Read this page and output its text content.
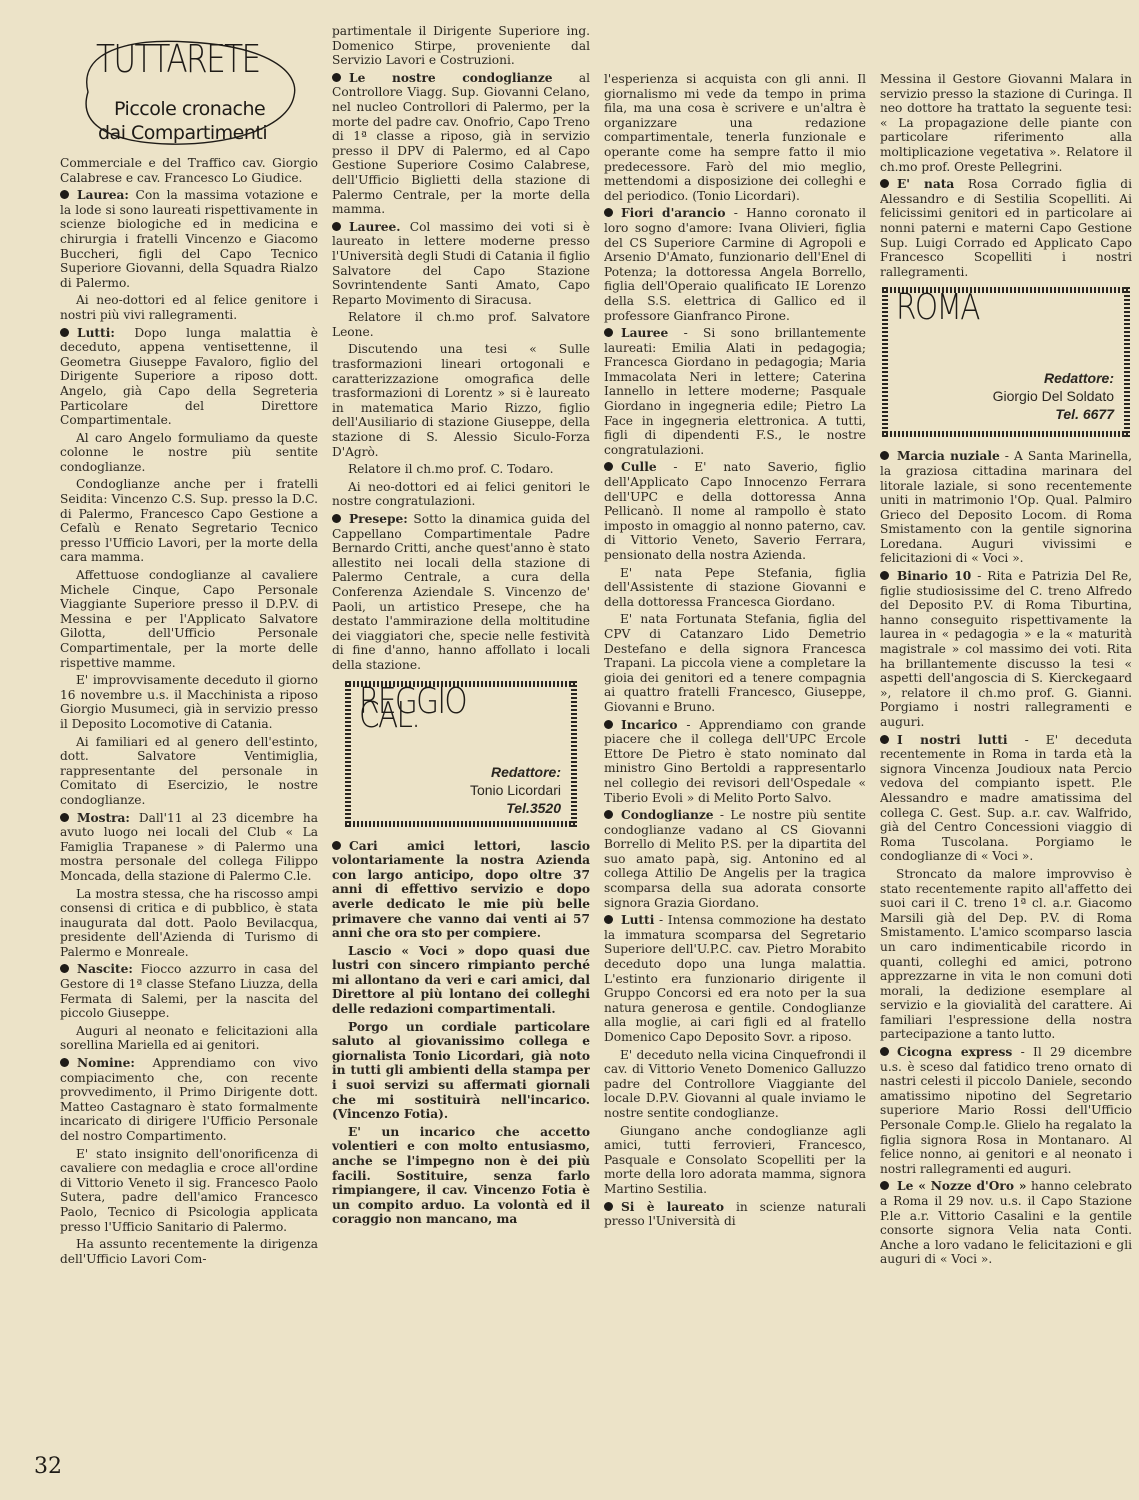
TUTTARETE
Piccole cronache
dai Compartimenti

Commerciale e del Traffico cav. Giorgio Calabrese e cav. Francesco Lo Giudice.

Laurea: Con la massima votazione e la lode si sono laureati rispettivamente in scienze biologiche ed in medicina e chirurgia i fratelli Vincenzo e Giacomo Buccheri, figli del Capo Tecnico Superiore Giovanni, della Squadra Rialzo di Palermo.

Ai neo-dottori ed al felice genitore i nostri più vivi rallegramenti.

Lutti: Dopo lunga malattia è deceduto, appena ventisettenne, il Geometra Giuseppe Favaloro, figlio del Dirigente Superiore a riposo dott. Angelo, già Capo della Segreteria Particolare del Direttore Compartimentale.

Al caro Angelo formuliamo da queste colonne le nostre più sentite condoglianze.

Condoglianze anche per i fratelli Seidita: Vincenzo C.S. Sup. presso la D.C. di Palermo, Francesco Capo Gestione a Cefalù e Renato Segretario Tecnico presso l'Ufficio Lavori, per la morte della cara mamma.

Affettuose condoglianze al cavaliere Michele Cinque, Capo Personale Viaggiante Superiore presso il D.P.V. di Messina e per l'Applicato Salvatore Gilotta, dell'Ufficio Personale Compartimentale, per la morte delle rispettive mamme.

E' improvvisamente deceduto il giorno 16 novembre u.s. il Macchinista a riposo Giorgio Musumeci, già in servizio presso il Deposito Locomotive di Catania.

Ai familiari ed al genero dell'estinto, dott. Salvatore Ventimiglia, rappresentante del personale in Comitato di Esercizio, le nostre condoglianze.

Mostra: Dall'11 al 23 dicembre ha avuto luogo nei locali del Club « La Famiglia Trapanese » di Palermo una mostra personale del collega Filippo Moncada, della stazione di Palermo C.le.

La mostra stessa, che ha riscosso ampi consensi di critica e di pubblico, è stata inaugurata dal dott. Paolo Bevilacqua, presidente dell'Azienda di Turismo di Palermo e Monreale.

Nascite: Fiocco azzurro in casa del Gestore di 1ª classe Stefano Liuzza, della Fermata di Salemi, per la nascita del piccolo Giuseppe.

Auguri al neonato e felicitazioni alla sorellina Mariella ed ai genitori.

Nomine: Apprendiamo con vivo compiacimento che, con recente provvedimento, il Primo Dirigente dott. Matteo Castagnaro è stato formalmente incaricato di dirigere l'Ufficio Personale del nostro Compartimento.

E' stato insignito dell'onorificenza di cavaliere con medaglia e croce all'ordine di Vittorio Veneto il sig. Francesco Paolo Sutera, padre dell'amico Francesco Paolo, Tecnico di Psicologia applicata presso l'Ufficio Sanitario di Palermo.

Ha assunto recentemente la dirigenza dell'Ufficio Lavori Com-

partimentale il Dirigente Superiore ing. Domenico Stirpe, proveniente dal Servizio Lavori e Costruzioni.

Le nostre condoglianze al Controllore Viagg. Sup. Giovanni Celano, nel nucleo Controllori di Palermo, per la morte del padre cav. Onofrio, Capo Treno di 1ª classe a riposo, già in servizio presso il DPV di Palermo, ed al Capo Gestione Superiore Cosimo Calabrese, dell'Ufficio Biglietti della stazione di Palermo Centrale, per la morte della mamma.

Lauree. Col massimo dei voti si è laureato in lettere moderne presso l'Università degli Studi di Catania il figlio Salvatore del Capo Stazione Sovrintendente Santi Amato, Capo Reparto Movimento di Siracusa.

Relatore il ch.mo prof. Salvatore Leone.

Discutendo una tesi « Sulle trasformazioni lineari ortogonali e caratterizzazione omografica delle trasformazioni di Lorentz » si è laureato in matematica Mario Rizzo, figlio dell'Ausiliario di stazione Giuseppe, della stazione di S. Alessio Siculo-Forza D'Agrò.

Relatore il ch.mo prof. C. Todaro.

Ai neo-dottori ed ai felici genitori le nostre congratulazioni.

Presepe: Sotto la dinamica guida del Cappellano Compartimentale Padre Bernardo Critti, anche quest'anno è stato allestito nei locali della stazione di Palermo Centrale, a cura della Conferenza Aziendale S. Vincenzo de' Paoli, un artistico Presepe, che ha destato l'ammirazione della moltitudine dei viaggiatori che, specie nelle festività di fine d'anno, hanno affollato i locali della stazione.

REGGIO CAL.
Redattore:
Tonio Licordari
Tel.3520

Cari amici lettori, lascio volontariamente la nostra Azienda con largo anticipo, dopo oltre 37 anni di effettivo servizio e dopo averle dedicato le mie più belle primavere che vanno dai venti ai 57 anni che ora sto per compiere.

Lascio « Voci » dopo quasi due lustri con sincero rimpianto perché mi allontano da veri e cari amici, dal Direttore al più lontano dei colleghi delle redazioni compartimentali.

Porgo un cordiale particolare saluto al giovanissimo collega e giornalista Tonio Licordari, già noto in tutti gli ambienti della stampa per i suoi servizi su affermati giornali che mi sostituirà nell'incarico. (Vincenzo Fotia).

E' un incarico che accetto volentieri e con molto entusiasmo, anche se l'impegno non è dei più facili. Sostituire, senza farlo rimpiangere, il cav. Vincenzo Fotia è un compito arduo. La volontà ed il coraggio non mancano, ma

l'esperienza si acquista con gli anni. Il giornalismo mi vede da tempo in prima fila, ma una cosa è scrivere e un'altra è organizzare una redazione compartimentale, tenerla funzionale e operante come ha sempre fatto il mio predecessore. Farò del mio meglio, mettendomi a disposizione dei colleghi e del periodico. (Tonio Licordari).

Fiori d'arancio - Hanno coronato il loro sogno d'amore: Ivana Olivieri, figlia del CS Superiore Carmine di Agropoli e Arsenio D'Amato, funzionario dell'Enel di Potenza; la dottoressa Angela Borrello, figlia dell'Operaio qualificato IE Lorenzo della S.S. elettrica di Gallico ed il professore Gianfranco Pirone.

Lauree - Si sono brillantemente laureati: Emilia Alati in pedagogia; Francesca Giordano in pedagogia; Maria Immacolata Neri in lettere; Caterina Iannello in lettere moderne; Pasquale Giordano in ingegneria edile; Pietro La Face in ingegneria elettronica. A tutti, figli di dipendenti F.S., le nostre congratulazioni.

Culle - E' nato Saverio, figlio dell'Applicato Capo Innocenzo Ferrara dell'UPC e della dottoressa Anna Pellicanò. Il nome al rampollo è stato imposto in omaggio al nonno paterno, cav. di Vittorio Veneto, Saverio Ferrara, pensionato della nostra Azienda.

E' nata Pepe Stefania, figlia dell'Assistente di stazione Giovanni e della dottoressa Francesca Giordano.

E' nata Fortunata Stefania, figlia del CPV di Catanzaro Lido Demetrio Destefano e della signora Francesca Trapani. La piccola viene a completare la gioia dei genitori ed a tenere compagnia ai quattro fratelli Francesco, Giuseppe, Giovanni e Bruno.

Incarico - Apprendiamo con grande piacere che il collega dell'UPC Ercole Ettore De Pietro è stato nominato dal ministro Gino Bertoldi a rappresentarlo nel collegio dei revisori dell'Ospedale « Tiberio Evoli » di Melito Porto Salvo.

Condoglianze - Le nostre più sentite condoglianze vadano al CS Giovanni Borrello di Melito P.S. per la dipartita del suo amato papà, sig. Antonino ed al collega Attilio De Angelis per la tragica scomparsa della sua adorata consorte signora Grazia Giordano.

Lutti - Intensa commozione ha destato la immatura scomparsa del Segretario Superiore dell'U.P.C. cav. Pietro Morabito deceduto dopo una lunga malattia. L'estinto era funzionario dirigente il Gruppo Concorsi ed era noto per la sua natura generosa e gentile. Condoglianze alla moglie, ai cari figli ed al fratello Domenico Capo Deposito Sovr. a riposo.

E' deceduto nella vicina Cinquefrondi il cav. di Vittorio Veneto Domenico Galluzzo padre del Controllore Viaggiante del locale D.P.V. Giovanni al quale inviamo le nostre sentite condoglianze.

Giungano anche condoglianze agli amici, tutti ferrovieri, Francesco, Pasquale e Consolato Scopelliti per la morte della loro adorata mamma, signora Martino Sestilia.

Si è laureato in scienze naturali presso l'Università di

Messina il Gestore Giovanni Malara in servizio presso la stazione di Curinga. Il neo dottore ha trattato la seguente tesi: « La propagazione delle piante con particolare riferimento alla moltiplicazione vegetativa ». Relatore il ch.mo prof. Oreste Pellegrini.

E' nata Rosa Corrado figlia di Alessandro e di Sestilia Scopelliti. Ai felicissimi genitori ed in particolare ai nonni paterni e materni Capo Gestione Sup. Luigi Corrado ed Applicato Capo Francesco Scopelliti i nostri rallegramenti.

ROMA
Redattore:
Giorgio Del Soldato
Tel. 6677

Marcia nuziale - A Santa Marinella, la graziosa cittadina marinara del litorale laziale, si sono recentemente uniti in matrimonio l'Op. Qual. Palmiro Grieco del Deposito Locom. di Roma Smistamento con la gentile signorina Loredana. Auguri vivissimi e felicitazioni di « Voci ».

Binario 10 - Rita e Patrizia Del Re, figlie studiosissime del C. treno Alfredo del Deposito P.V. di Roma Tiburtina, hanno conseguito rispettivamente la laurea in « pedagogia » e la « maturità magistrale » col massimo dei voti. Rita ha brillantemente discusso la tesi « aspetti dell'angoscia di S. Kierckegaard », relatore il ch.mo prof. G. Gianni. Porgiamo i nostri rallegramenti e auguri.

I nostri lutti - E' deceduta recentemente in Roma in tarda età la signora Vincenza Joudioux nata Percio vedova del compianto ispett. P.le Alessandro e madre amatissima del collega C. Gest. Sup. a.r. cav. Walfrido, già del Centro Concessioni viaggio di Roma Tuscolana. Porgiamo le condoglianze di « Voci ».

Stroncato da malore improvviso è stato recentemente rapito all'affetto dei suoi cari il C. treno 1ª cl. a.r. Giacomo Marsili già del Dep. P.V. di Roma Smistamento. L'amico scomparso lascia un caro indimenticabile ricordo in quanti, colleghi ed amici, potrono apprezzarne in vita le non comuni doti morali, la dedizione esemplare al servizio e la giovialità del carattere. Ai familiari l'espressione della nostra partecipazione a tanto lutto.

Cicogna express - Il 29 dicembre u.s. è sceso dal fatidico treno ornato di nastri celesti il piccolo Daniele, secondo amatissimo nipotino del Segretario superiore Mario Rossi dell'Ufficio Personale Comp.le. Glielo ha regalato la figlia signora Rosa in Montanaro. Al felice nonno, ai genitori e al neonato i nostri rallegramenti ed auguri.

Le « Nozze d'Oro » hanno celebrato a Roma il 29 nov. u.s. il Capo Stazione P.le a.r. Vittorio Casalini e la gentile consorte signora Velia nata Conti. Anche a loro vadano le felicitazioni e gli auguri di « Voci ».

32
